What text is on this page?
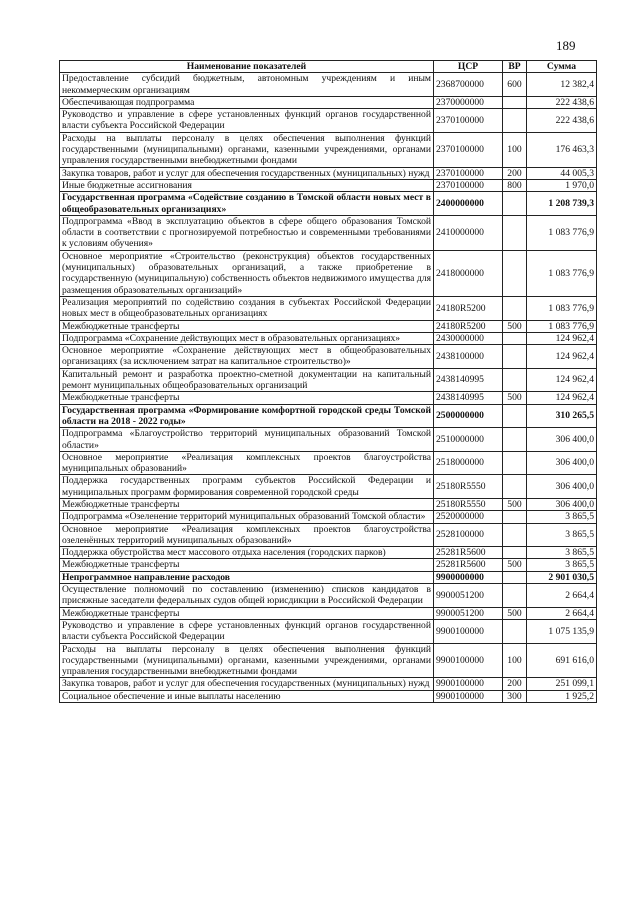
189
Наименование показателей	ЦСР	ВР	Сумма
Предоставление субсидий бюджетным, автономным учреждениям и иным некоммерческим организациям	2368700000	600	12 382,4
Обеспечивающая подпрограмма	2370000000		222 438,6
Руководство и управление в сфере установленных функций органов государственной власти субъекта Российской Федерации	2370100000		222 438,6
Расходы на выплаты персоналу в целях обеспечения выполнения функций государственными (муниципальными) органами, казенными учреждениями, органами управления государственными внебюджетными фондами	2370100000	100	176 463,3
Закупка товаров, работ и услуг для обеспечения государственных (муниципальных) нужд	2370100000	200	44 005,3
Иные бюджетные ассигнования	2370100000	800	1 970,0
Государственная программа «Содействие созданию в Томской области новых мест в общеобразовательных организациях»	2400000000		1 208 739,3
Подпрограмма «Ввод в эксплуатацию объектов в сфере общего образования Томской области в соответствии с прогнозируемой потребностью и современными требованиями к условиям обучения»	2410000000		1 083 776,9
Основное мероприятие «Строительство (реконструкция) объектов государственных (муниципальных) образовательных организаций, а также приобретение в государственную (муниципальную) собственность объектов недвижимого имущества для размещения образовательных организаций»	2418000000		1 083 776,9
Реализация мероприятий по содействию создания в субъектах Российской Федерации новых мест в общеобразовательных организациях	24180R5200		1 083 776,9
Межбюджетные трансферты	24180R5200	500	1 083 776,9
Подпрограмма «Сохранение действующих мест в образовательных организациях»	2430000000		124 962,4
Основное мероприятие «Сохранение действующих мест в общеобразовательных организациях (за исключением затрат на капитальное строительство)»	2438100000		124 962,4
Капитальный ремонт и разработка проектно-сметной документации на капитальный ремонт муниципальных общеобразовательных организаций	2438140995		124 962,4
Межбюджетные трансферты	2438140995	500	124 962,4
Государственная программа «Формирование комфортной городской среды Томской области на 2018 - 2022 годы»	2500000000		310 265,5
Подпрограмма «Благоустройство территорий муниципальных образований Томской области»	2510000000		306 400,0
Основное мероприятие «Реализация комплексных проектов благоустройства муниципальных образований»	2518000000		306 400,0
Поддержка государственных программ субъектов Российской Федерации и муниципальных программ формирования современной городской среды	25180R5550		306 400,0
Межбюджетные трансферты	25180R5550	500	306 400,0
Подпрограмма «Озеленение территорий муниципальных образований Томской области»	2520000000		3 865,5
Основное мероприятие «Реализация комплексных проектов благоустройства озеленённых территорий муниципальных образований»	2528100000		3 865,5
Поддержка обустройства мест массового отдыха населения (городских парков)	25281R5600		3 865,5
Межбюджетные трансферты	25281R5600	500	3 865,5
Непрограммное направление расходов	9900000000		2 901 030,5
Осуществление полномочий по составлению (изменению) списков кандидатов в присяжные заседатели федеральных судов общей юрисдикции в Российской Федерации	9900051200		2 664,4
Межбюджетные трансферты	9900051200	500	2 664,4
Руководство и управление в сфере установленных функций органов государственной власти субъекта Российской Федерации	9900100000		1 075 135,9
Расходы на выплаты персоналу в целях обеспечения выполнения функций государственными (муниципальными) органами, казенными учреждениями, органами управления государственными внебюджетными фондами	9900100000	100	691 616,0
Закупка товаров, работ и услуг для обеспечения государственных (муниципальных) нужд	9900100000	200	251 099,1
Социальное обеспечение и иные выплаты населению	9900100000	300	1 925,2
